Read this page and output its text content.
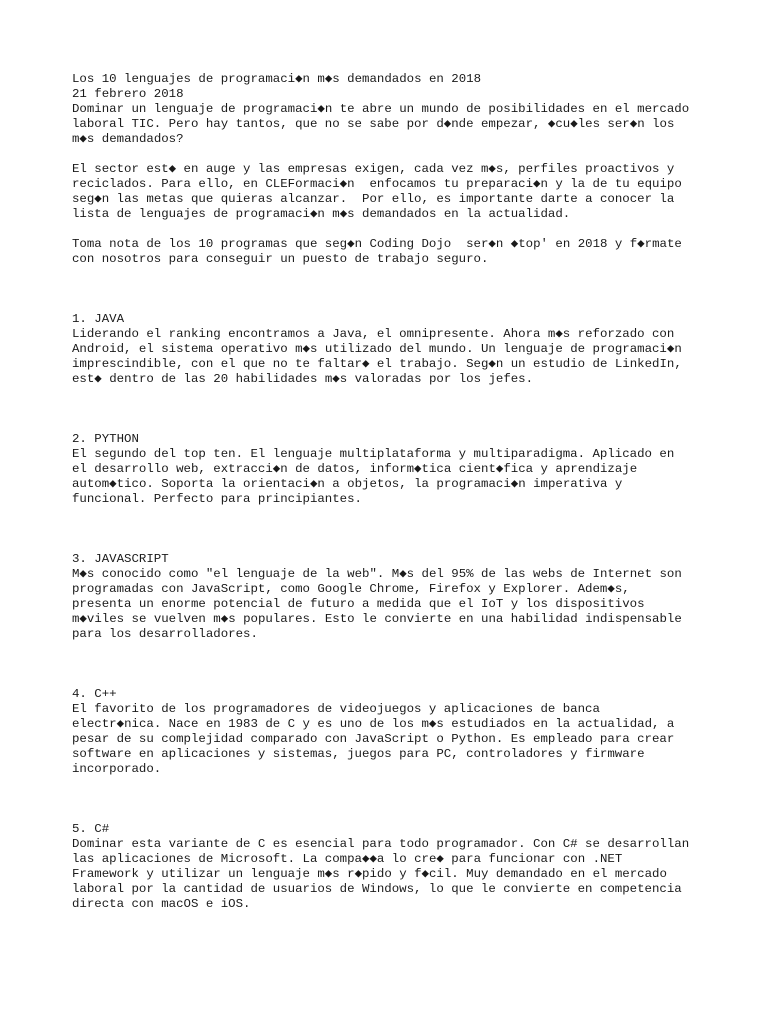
Los 10 lenguajes de programaci◆n m◆s demandados en 2018
21 febrero 2018
Dominar un lenguaje de programaci◆n te abre un mundo de posibilidades en el mercado
laboral TIC. Pero hay tantos, que no se sabe por d◆nde empezar, ◆cu◆les ser◆n los
m◆s demandados?
El sector est◆ en auge y las empresas exigen, cada vez m◆s, perfiles proactivos y
reciclados. Para ello, en CLEFormaci◆n  enfocamos tu preparaci◆n y la de tu equipo
seg◆n las metas que quieras alcanzar.  Por ello, es importante darte a conocer la
lista de lenguajes de programaci◆n m◆s demandados en la actualidad.
Toma nota de los 10 programas que seg◆n Coding Dojo  ser◆n ◆top' en 2018 y f◆rmate
con nosotros para conseguir un puesto de trabajo seguro.
1. JAVA
Liderando el ranking encontramos a Java, el omnipresente. Ahora m◆s reforzado con
Android, el sistema operativo m◆s utilizado del mundo. Un lenguaje de programaci◆n
imprescindible, con el que no te faltar◆ el trabajo. Seg◆n un estudio de LinkedIn,
est◆ dentro de las 20 habilidades m◆s valoradas por los jefes.
2. PYTHON
El segundo del top ten. El lenguaje multiplataforma y multiparadigma. Aplicado en
el desarrollo web, extracci◆n de datos, inform◆tica cient◆fica y aprendizaje
autom◆tico. Soporta la orientaci◆n a objetos, la programaci◆n imperativa y
funcional. Perfecto para principiantes.
3. JAVASCRIPT
M◆s conocido como "el lenguaje de la web". M◆s del 95% de las webs de Internet son
programadas con JavaScript, como Google Chrome, Firefox y Explorer. Adem◆s,
presenta un enorme potencial de futuro a medida que el IoT y los dispositivos
m◆viles se vuelven m◆s populares. Esto le convierte en una habilidad indispensable
para los desarrolladores.
4. C++
El favorito de los programadores de videojuegos y aplicaciones de banca
electr◆nica. Nace en 1983 de C y es uno de los m◆s estudiados en la actualidad, a
pesar de su complejidad comparado con JavaScript o Python. Es empleado para crear
software en aplicaciones y sistemas, juegos para PC, controladores y firmware
incorporado.
5. C#
Dominar esta variante de C es esencial para todo programador. Con C# se desarrollan
las aplicaciones de Microsoft. La compa◆◆a lo cre◆ para funcionar con .NET
Framework y utilizar un lenguaje m◆s r◆pido y f◆cil. Muy demandado en el mercado
laboral por la cantidad de usuarios de Windows, lo que le convierte en competencia
directa con macOS e iOS.
